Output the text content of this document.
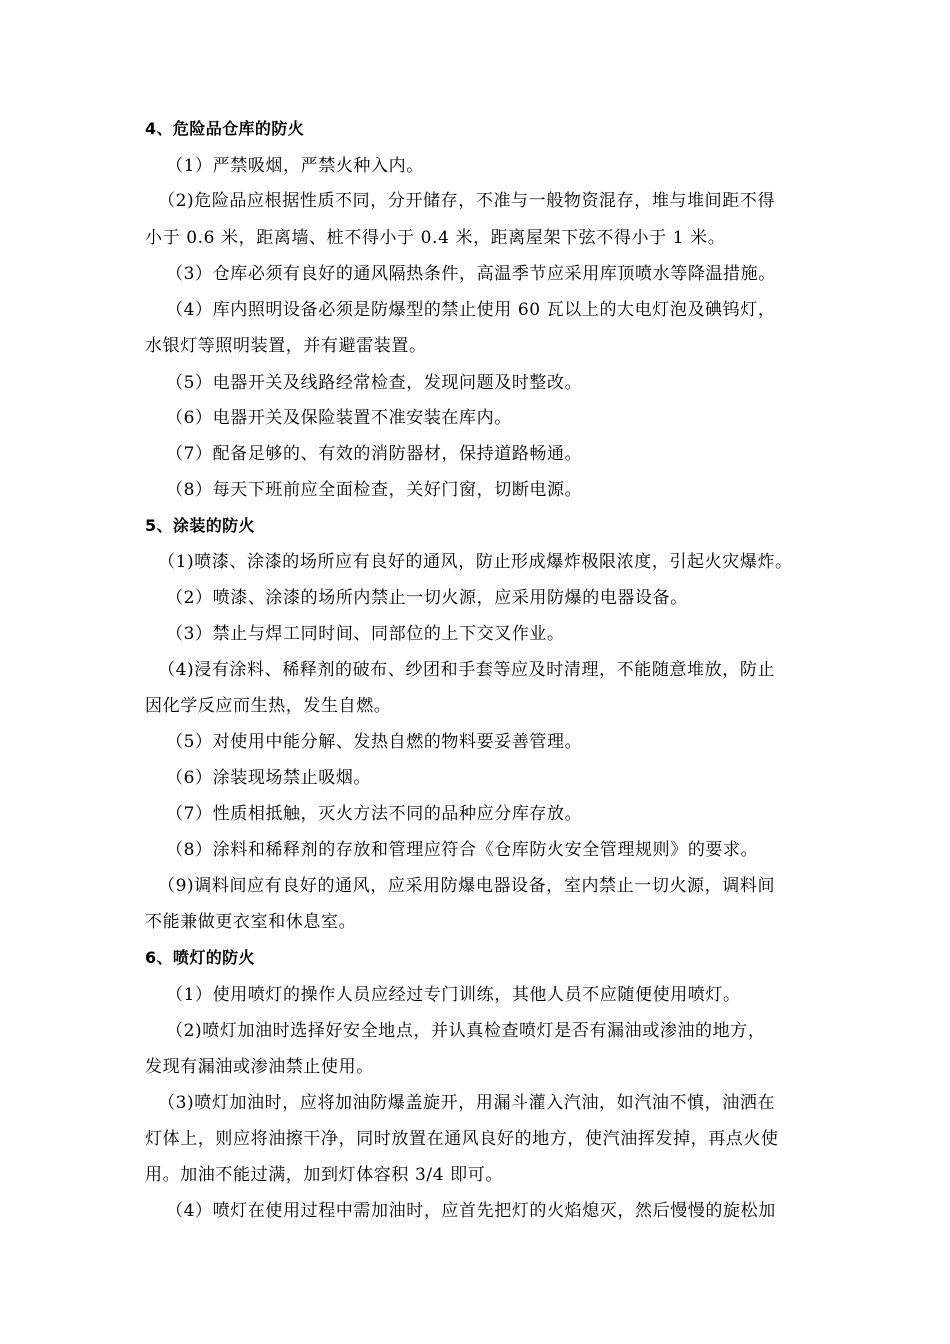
4、危险品仓库的防火
（1）严禁吸烟，严禁火种入内。
（2)危险品应根据性质不同，分开储存，不准与一般物资混存，堆与堆间距不得
小于 0.6 米，距离墙、桩不得小于 0.4 米，距离屋架下弦不得小于 1 米。
（3）仓库必须有良好的通风隔热条件，高温季节应采用库顶喷水等降温措施。
（4）库内照明设备必须是防爆型的禁止使用 60 瓦以上的大电灯泡及碘钨灯，
水银灯等照明装置，并有避雷装置。
（5）电器开关及线路经常检查，发现问题及时整改。
（6）电器开关及保险装置不准安装在库内。
（7）配备足够的、有效的消防器材，保持道路畅通。
（8）每天下班前应全面检查，关好门窗，切断电源。
5、涂装的防火
（1)喷漆、涂漆的场所应有良好的通风，防止形成爆炸极限浓度，引起火灾爆炸。
（2）喷漆、涂漆的场所内禁止一切火源，应采用防爆的电器设备。
（3）禁止与焊工同时间、同部位的上下交叉作业。
（4)浸有涂料、稀释剂的破布、纱团和手套等应及时清理，不能随意堆放，防止
因化学反应而生热，发生自燃。
（5）对使用中能分解、发热自燃的物料要妥善管理。
（6）涂装现场禁止吸烟。
（7）性质相抵触，灭火方法不同的品种应分库存放。
（8）涂料和稀释剂的存放和管理应符合《仓库防火安全管理规则》的要求。
（9)调料间应有良好的通风，应采用防爆电器设备，室内禁止一切火源，调料间
不能兼做更衣室和休息室。
6、喷灯的防火
（1）使用喷灯的操作人员应经过专门训练，其他人员不应随便使用喷灯。
（2)喷灯加油时选择好安全地点，并认真检查喷灯是否有漏油或渗油的地方，
发现有漏油或渗油禁止使用。
（3)喷灯加油时，应将加油防爆盖旋开，用漏斗灌入汽油，如汽油不慎，油洒在
灯体上，则应将油擦干净，同时放置在通风良好的地方，使汽油挥发掉，再点火使
用。加油不能过满，加到灯体容积 3/4 即可。
（4）喷灯在使用过程中需加油时，应首先把灯的火焰熄灭，然后慢慢的旋松加
